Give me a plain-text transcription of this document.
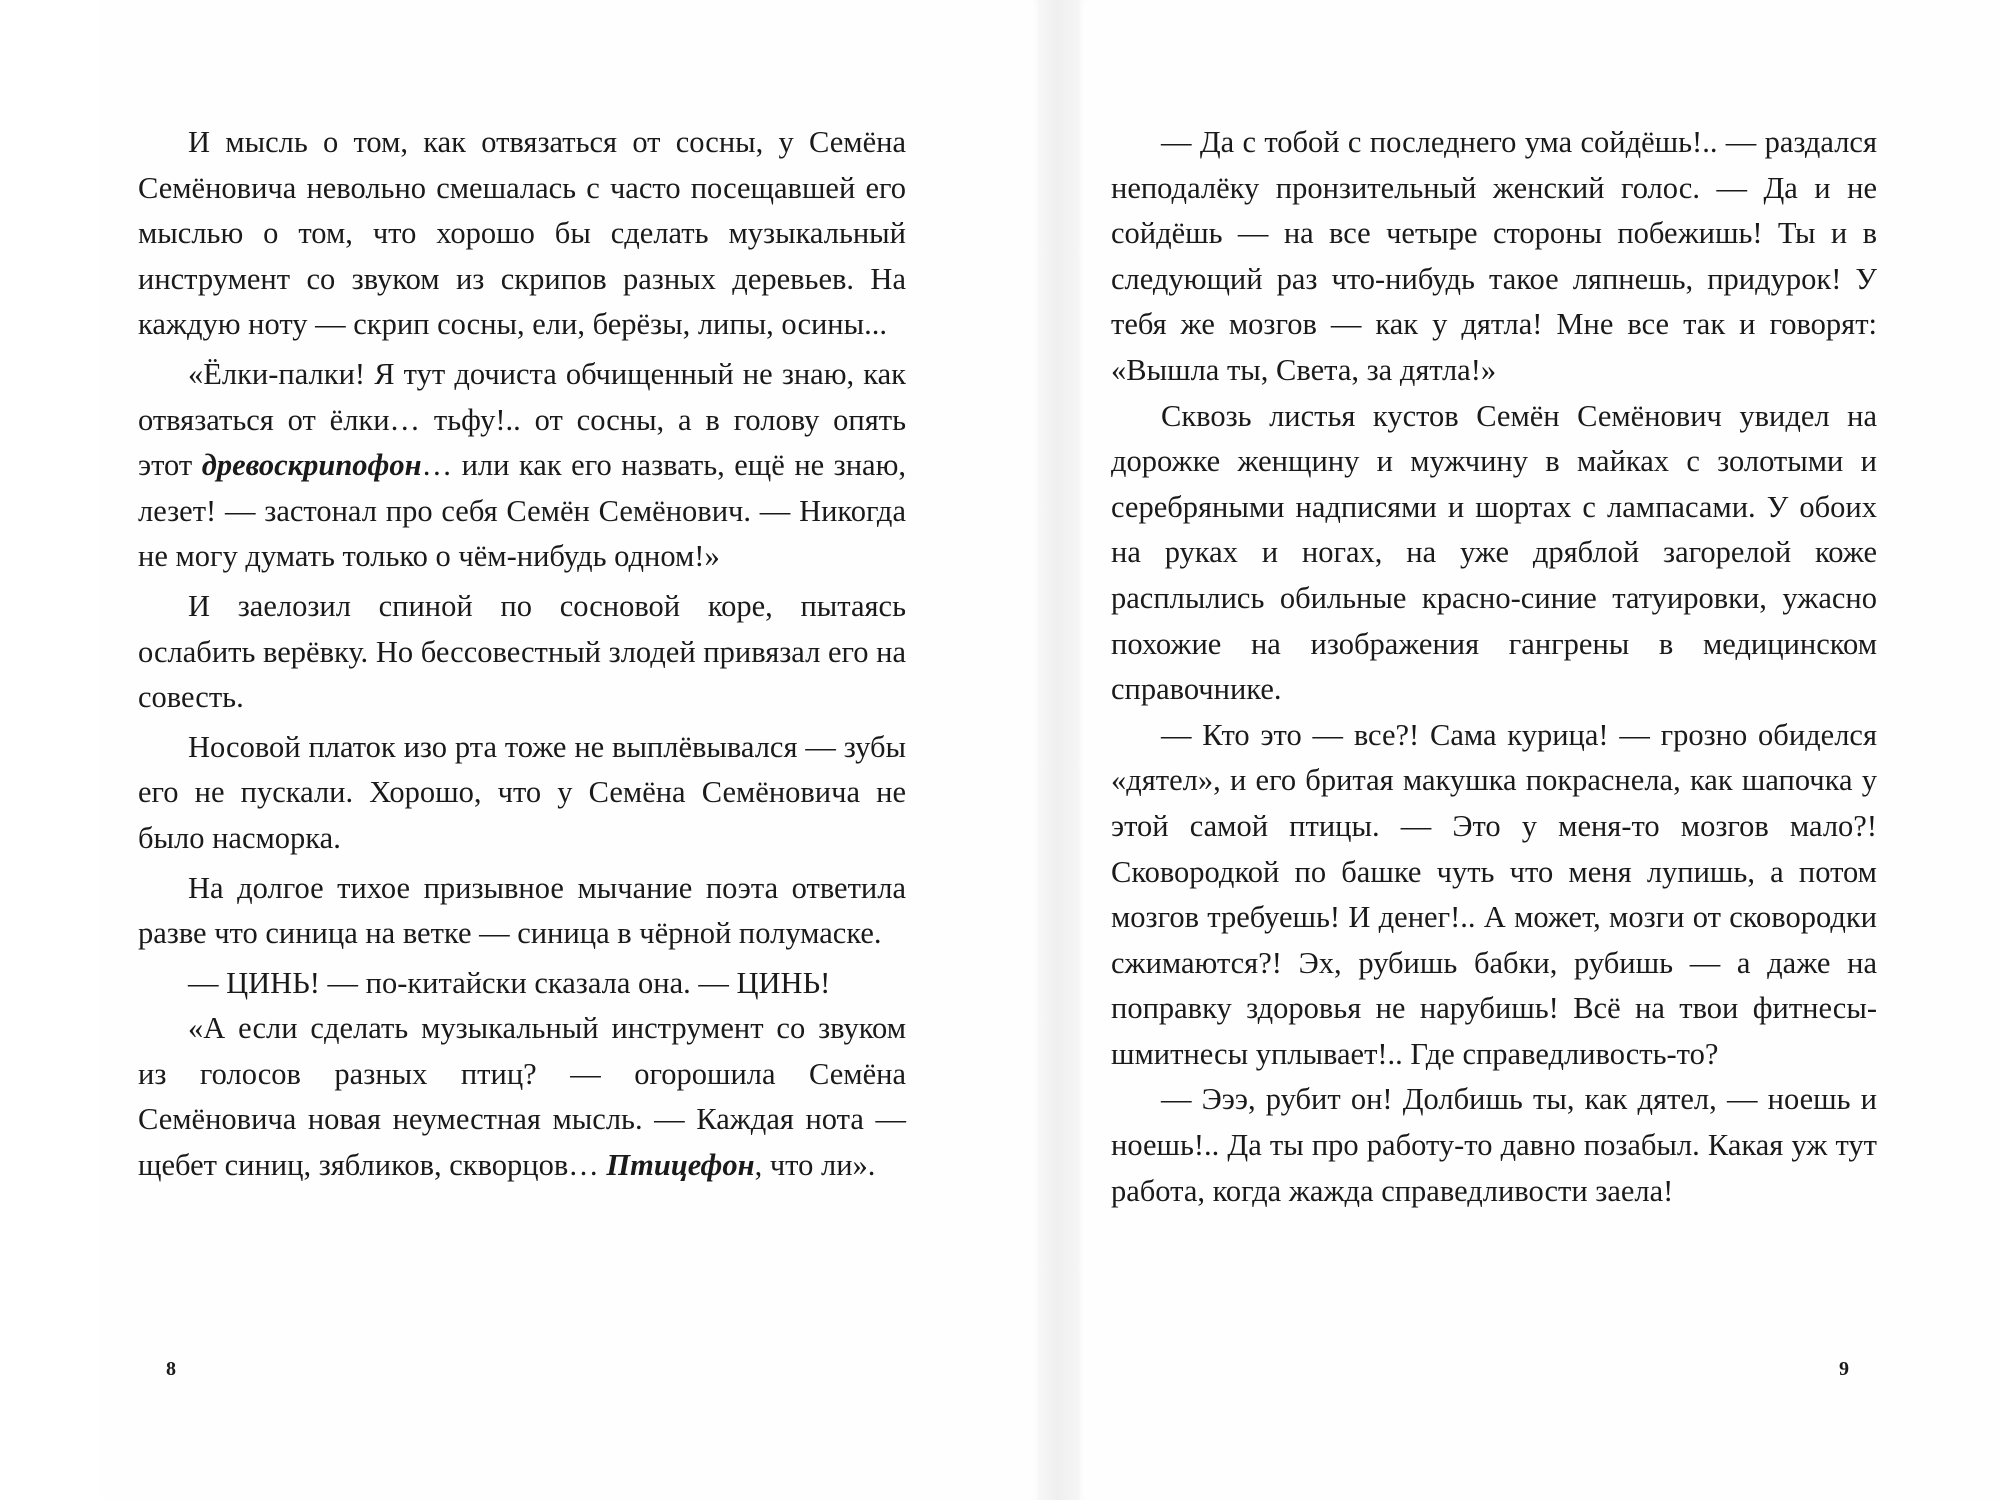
И мысль о том, как отвязаться от сосны, у Семёна Семёновича невольно смешалась с часто посещавшей его мыслью о том, что хорошо бы сделать музыкальный инструмент со звуком из скрипов разных деревьев. На каждую ноту — скрип сосны, ели, берёзы, липы, осины...

«Ёлки-палки! Я тут дочиста обчищенный не знаю, как отвязаться от ёлки… тьфу!.. от сосны, а в голову опять этот древоскрипофон… или как его назвать, ещё не знаю, лезет! — застонал про себя Семён Семёнович. — Никогда не могу думать только о чём-нибудь одном!»

И заелозил спиной по сосновой коре, пытаясь ослабить верёвку. Но бессовестный злодей привязал его на совесть.

Носовой платок изо рта тоже не выплёвывался — зубы его не пускали. Хорошо, что у Семёна Семёновича не было насморка.

На долгое тихое призывное мычание поэта ответила разве что синица на ветке — синица в чёрной полумаске.

— ЦИНЬ! — по-китайски сказала она. — ЦИНЬ!

«А если сделать музыкальный инструмент со звуком из голосов разных птиц? — огорошила Семёна Семёновича новая неуместная мысль. — Каждая нота — щебет синиц, зябликов, скворцов… Птицефон, что ли».

8

— Да с тобой с последнего ума сойдёшь!.. — раздался неподалёку пронзительный женский голос. — Да и не сойдёшь — на все четыре стороны побежишь! Ты и в следующий раз что-нибудь такое ляпнешь, придурок! У тебя же мозгов — как у дятла! Мне все так и говорят: «Вышла ты, Света, за дятла!»

Сквозь листья кустов Семён Семёнович увидел на дорожке женщину и мужчину в майках с золотыми и серебряными надписями и шортах с лампасами. У обоих на руках и ногах, на уже дряблой загорелой коже расплылись обильные красно-синие татуировки, ужасно похожие на изображения гангрены в медицинском справочнике.

— Кто это — все?! Сама курица! — грозно обиделся «дятел», и его бритая макушка покраснела, как шапочка у этой самой птицы. — Это у меня-то мозгов мало?! Сковородкой по башке чуть что меня лупишь, а потом мозгов требуешь! И денег!.. А может, мозги от сковородки сжимаются?! Эх, рубишь бабки, рубишь — а даже на поправку здоровья не нарубишь! Всё на твои фитнесы-шмитнесы уплывает!.. Где справедливость-то?

— Эээ, рубит он! Долбишь ты, как дятел, — ноешь и ноешь!.. Да ты про работу-то давно позабыл. Какая уж тут работа, когда жажда справедливости заела!

9
